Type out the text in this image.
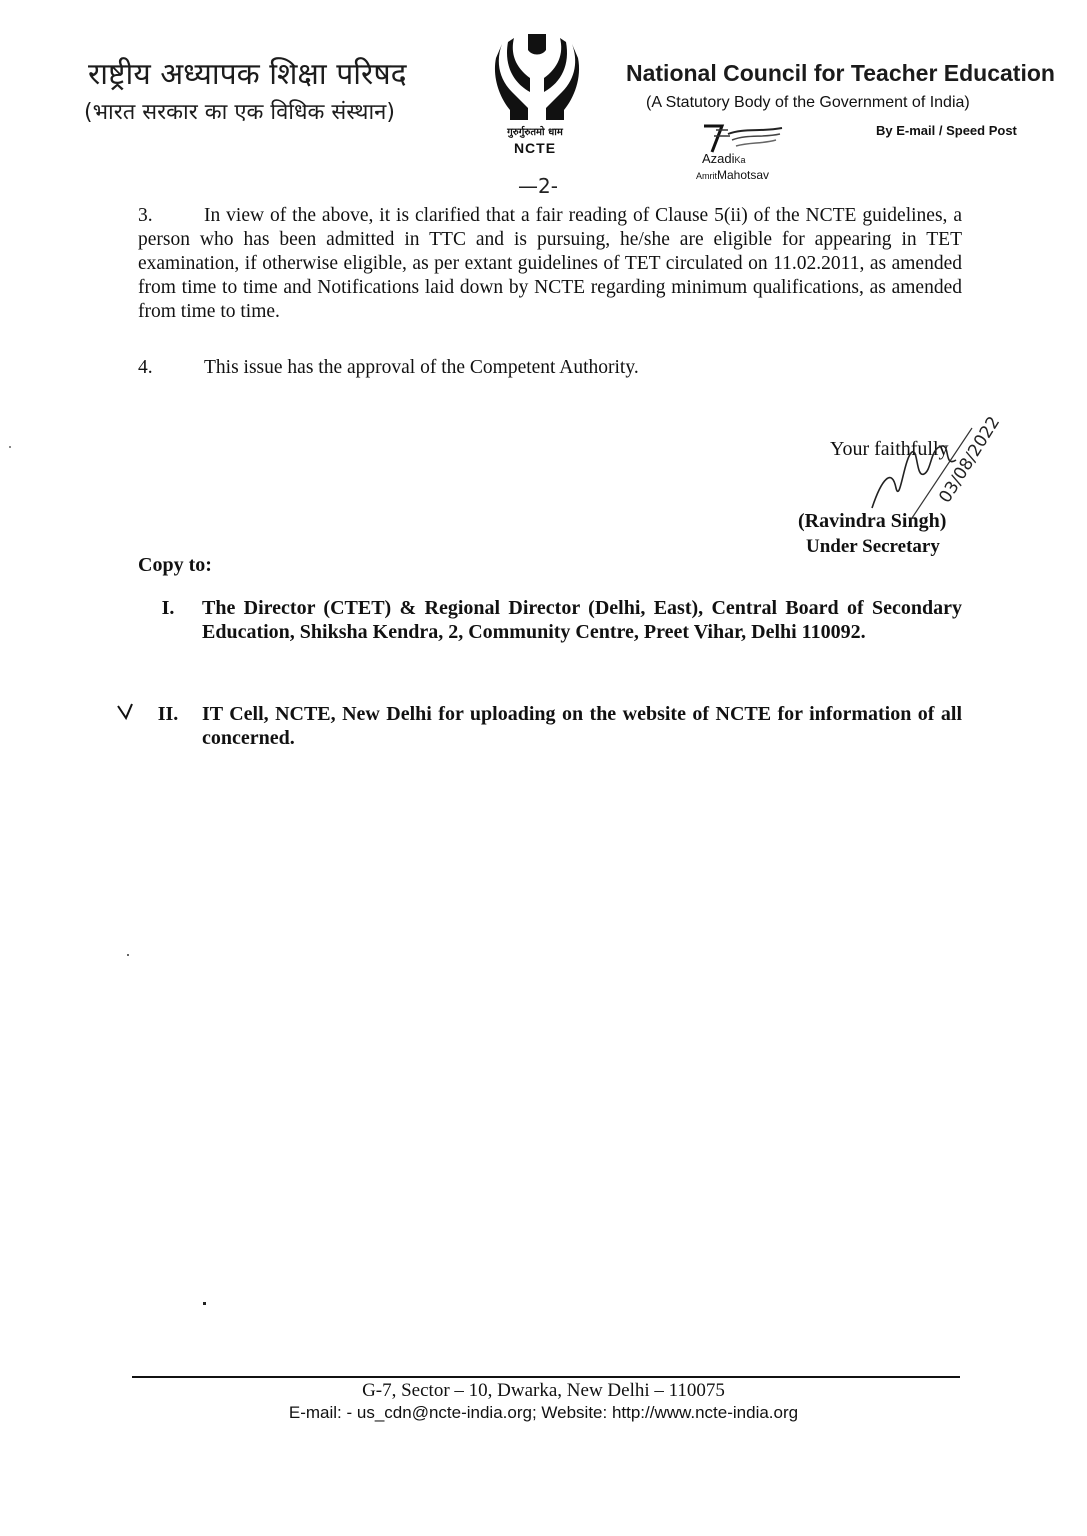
राष्ट्रीय अध्यापक शिक्षा परिषद
(भारत सरकार का एक विधिक संस्थान)
गुरुर्गुरुतमो धाम
NCTE
National Council for Teacher Education
(A Statutory Body of the Government of India)
By E-mail / Speed Post
AzadiKa
AmritMahotsav
—2-
3.	In view of the above, it is clarified that a fair reading of Clause 5(ii) of the NCTE guidelines, a person who has been admitted in TTC and is pursuing, he/she are eligible for appearing in TET examination, if otherwise eligible, as per extant guidelines of TET circulated on 11.02.2011, as amended from time to time and Notifications laid down by NCTE regarding minimum qualifications, as amended from time to time.
4.	This issue has the approval of the Competent Authority.
Your faithfully
03/08/2022
(Ravindra Singh)
Under Secretary
Copy to:
I.	The Director (CTET) & Regional Director (Delhi, East), Central Board of Secondary Education, Shiksha Kendra, 2, Community Centre, Preet Vihar, Delhi 110092.
II.	IT Cell, NCTE, New Delhi for uploading on the website of NCTE for information of all concerned.
G-7, Sector – 10, Dwarka, New Delhi – 110075
E-mail: - us_cdn@ncte-india.org; Website: http://www.ncte-india.org
